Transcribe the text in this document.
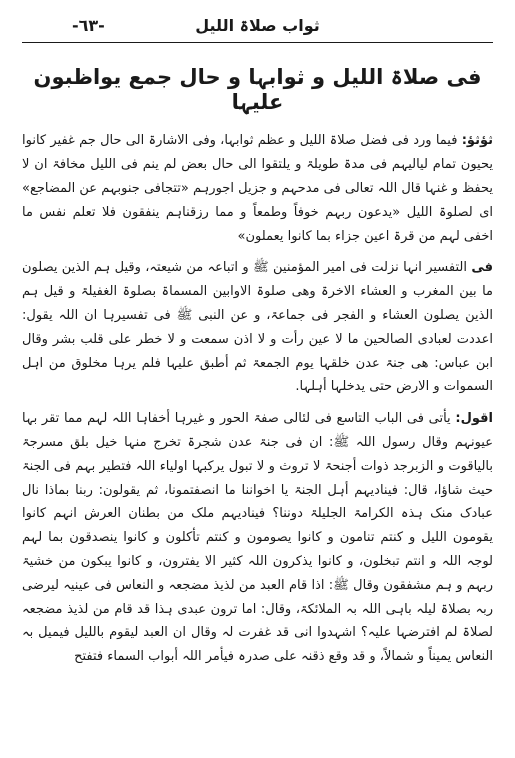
ثواب صلاۃ اللیل
-٦٣-
فی صلاۃ اللیل و ثوابہا و حال جمع یواظبون علیہا

ثؤثؤ: فیما ورد فی فضل صلاۃ اللیل و عظم ثوابہا، وفی الاشارۃ الی حال جم غفیر کانوا یحیون تمام لیالیہم فی مدۃ طویلۃ و یلتقوا الی حال بعض لم ینم فی اللیل مخافۃ ان لا یحفظ و غنہا قال اللہ تعالی فی مدحہم و جزیل اجورہم «تتجافی جنوبہم عن المضاجع» ای لصلوۃ اللیل «یدعون ربہم خوفاً وطمعاً و مما رزقناہم ینفقون فلا تعلم نفس ما اخفی لہم من قرۃ اعین جزاء بما کانوا یعملون»

فی التفسیر انہا نزلت فی امیر المؤمنین ﷺ و اتباعہ من شیعتہ، وقیل ہم الذین یصلون ما بین المغرب و العشاء الاخرۃ وھی صلوۃ الاوابین المسماۃ بصلوۃ الغفیلۃ و قیل ہم الذین یصلون العشاء و الفجر فی جماعۃ، و عن النبی ﷺ فی تفسیرہا ان اللہ یقول: اعددت لعبادی الصالحین ما لا عین رأت و لا اذن سمعت و لا خطر علی قلب بشر وقال ابن عباس: ھی جنۃ عدن خلقہا یوم الجمعۃ ثم أطبق علیہا فلم یرہا مخلوق من اہل السموات و الارض حتی یدخلہا أہلہا.

اقول: یأتی فی الباب التاسع فی لئالی صفۃ الحور و غیرہا أخفاہا اللہ لہم مما تقر بہا عیونہم وقال رسول اللہ ﷺ: ان فی جنۃ عدن شجرۃ تخرج منہا خیل بلق مسرجۃ بالیاقوت و الزبرجد ذوات أجنحۃ لا تروث و لا تبول یرکبہا اولیاء اللہ فتطیر بہم فی الجنۃ حیث شاؤا، قال: فینادیہم أہل الجنۃ یا اخواننا ما انصفتمونا، ثم یقولون: ربنا بماذا نال عبادک منک ہذہ الکرامۃ الجلیلۃ دوننا؟ فینادیہم ملک من بطنان العرش انہم کانوا یقومون اللیل و کنتم تنامون و کانوا یصومون و کنتم تأکلون و کانوا ینصدقون بما لہم لوجہ اللہ و انتم تبخلون، و کانوا یذکرون اللہ کثیر الا یفترون، و کانوا یبکون من خشیۃ ربہم و ہم مشفقون وقال ﷺ: اذا قام العبد من لذیذ مضجعہ و النعاس فی عینیہ لیرضی ربہ بصلاۃ لیلہ باہی اللہ بہ الملائکۃ، وقال: اما ترون عبدی ہذا قد قام من لذیذ مضجعہ لصلاۃ لم افترضہا علیہ؟ اشہدوا انی قد غفرت لہ وقال ان العبد لیقوم باللیل فیمیل بہ النعاس یمیناً و شمالاً، و قد وقع ذقنہ علی صدرہ فیأمر اللہ أبواب السماء فتفتح
